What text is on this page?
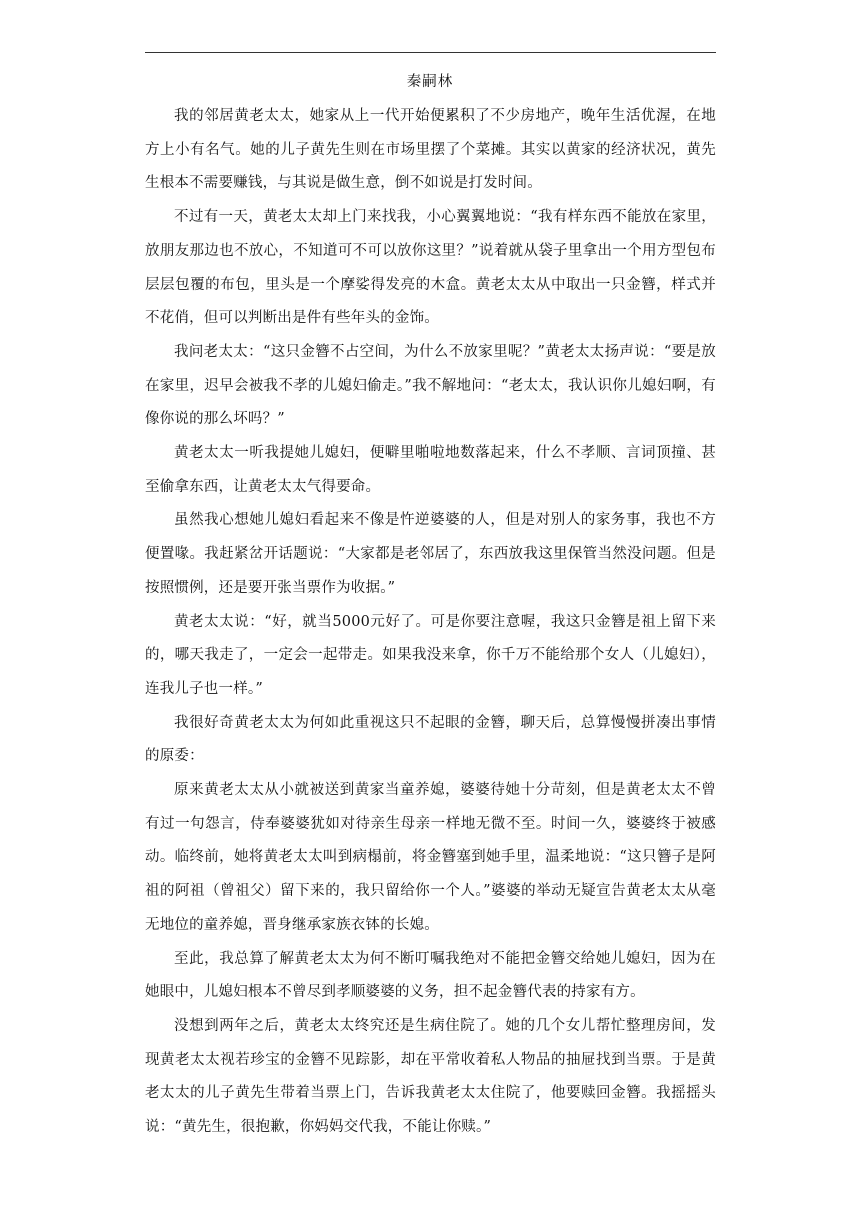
秦嗣林

我的邻居黄老太太，她家从上一代开始便累积了不少房地产，晚年生活优渥，在地方上小有名气。她的儿子黄先生则在市场里摆了个菜摊。其实以黄家的经济状况，黄先生根本不需要赚钱，与其说是做生意，倒不如说是打发时间。

不过有一天，黄老太太却上门来找我，小心翼翼地说：“我有样东西不能放在家里，放朋友那边也不放心，不知道可不可以放你这里？”说着就从袋子里拿出一个用方型包布层层包覆的布包，里头是一个摩娑得发亮的木盒。黄老太太从中取出一只金簪，样式并不花俏，但可以判断出是件有些年头的金饰。

我问老太太：“这只金簪不占空间，为什么不放家里呢？”黄老太太扬声说：“要是放在家里，迟早会被我不孝的儿媳妇偷走。”我不解地问：“老太太，我认识你儿媳妇啊，有像你说的那么坏吗？”

黄老太太一听我提她儿媳妇，便噼里啪啦地数落起来，什么不孝顺、言词顶撞、甚至偷拿东西，让黄老太太气得要命。

虽然我心想她儿媳妇看起来不像是忤逆婆婆的人，但是对别人的家务事，我也不方便置喙。我赶紧岔开话题说：“大家都是老邻居了，东西放我这里保管当然没问题。但是按照惯例，还是要开张当票作为收据。”

黄老太太说：“好，就当5000元好了。可是你要注意喔，我这只金簪是祖上留下来的，哪天我走了，一定会一起带走。如果我没来拿，你千万不能给那个女人（儿媳妇），连我儿子也一样。”

我很好奇黄老太太为何如此重视这只不起眼的金簪，聊天后，总算慢慢拼凑出事情的原委：

原来黄老太太从小就被送到黄家当童养媳，婆婆待她十分苛刻，但是黄老太太不曾有过一句怨言，侍奉婆婆犹如对待亲生母亲一样地无微不至。时间一久，婆婆终于被感动。临终前，她将黄老太太叫到病榻前，将金簪塞到她手里，温柔地说：“这只簪子是阿祖的阿祖（曾祖父）留下来的，我只留给你一个人。”婆婆的举动无疑宣告黄老太太从毫无地位的童养媳，晋身继承家族衣钵的长媳。

至此，我总算了解黄老太太为何不断叮嘱我绝对不能把金簪交给她儿媳妇，因为在她眼中，儿媳妇根本不曾尽到孝顺婆婆的义务，担不起金簪代表的持家有方。

没想到两年之后，黄老太太终究还是生病住院了。她的几个女儿帮忙整理房间，发现黄老太太视若珍宝的金簪不见踪影，却在平常收着私人物品的抽屉找到当票。于是黄老太太的儿子黄先生带着当票上门，告诉我黄老太太住院了，他要赎回金簪。我摇摇头说：“黄先生，很抱歉，你妈妈交代我，不能让你赎。”
